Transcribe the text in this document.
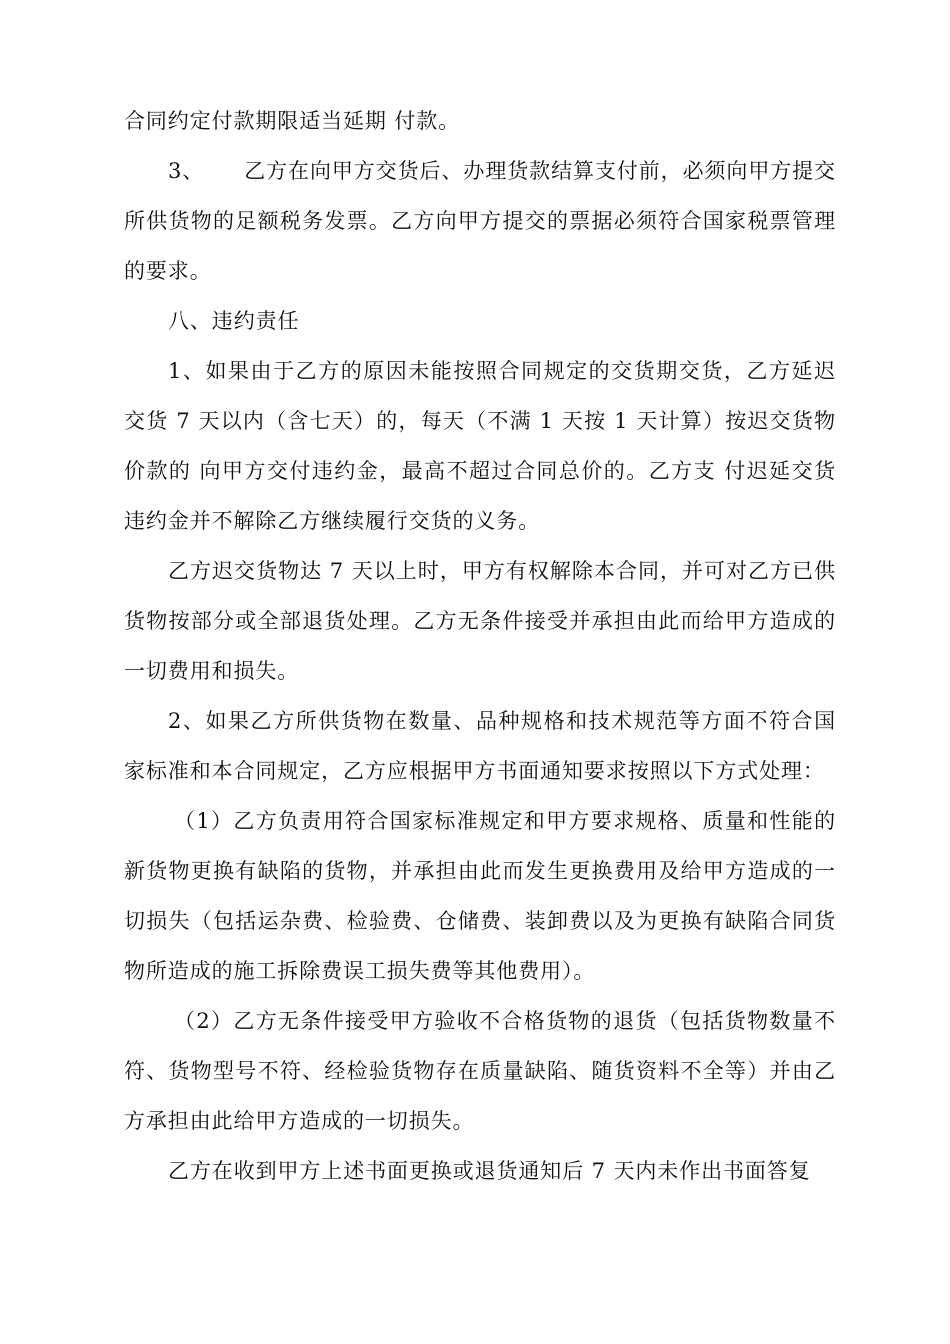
合同约定付款期限适当延期 付款。

3、 乙方在向甲方交货后、办理货款结算支付前，必须向甲方提交所供货物的足额税务发票。乙方向甲方提交的票据必须符合国家税票管理的要求。

八、违约责任

1、如果由于乙方的原因未能按照合同规定的交货期交货，乙方延迟交货 7 天以内（含七天）的，每天（不满 1 天按 1 天计算）按迟交货物价款的 向甲方交付违约金，最高不超过合同总价的。乙方支 付迟延交货违约金并不解除乙方继续履行交货的义务。

乙方迟交货物达 7 天以上时，甲方有权解除本合同，并可对乙方已供货物按部分或全部退货处理。乙方无条件接受并承担由此而给甲方造成的一切费用和损失。

2、如果乙方所供货物在数量、品种规格和技术规范等方面不符合国家标准和本合同规定，乙方应根据甲方书面通知要求按照以下方式处理：

（1）乙方负责用符合国家标准规定和甲方要求规格、质量和性能的新货物更换有缺陷的货物，并承担由此而发生更换费用及给甲方造成的一切损失（包括运杂费、检验费、仓储费、装卸费以及为更换有缺陷合同货物所造成的施工拆除费误工损失费等其他费用）。

（2）乙方无条件接受甲方验收不合格货物的退货（包括货物数量不符、货物型号不符、经检验货物存在质量缺陷、随货资料不全等）并由乙方承担由此给甲方造成的一切损失。

乙方在收到甲方上述书面更换或退货通知后 7 天内未作出书面答复
